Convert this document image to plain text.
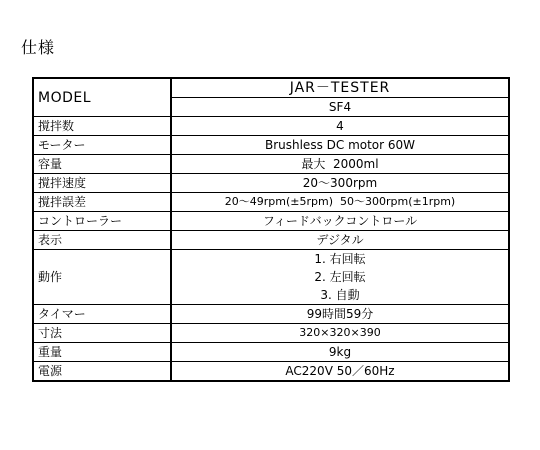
仕様
MODEL	JAR－TESTER
	SF4
撹拌数	4
モーター	Brushless DC motor 60W
容量	最大  2000ml
撹拌速度	20～300rpm
撹拌誤差	20～49rpm(±5rpm)  50～300rpm(±1rpm)
コントローラー	フィードバックコントロール
表示	デジタル
動作	1. 右回転
2. 左回転
3. 自動

タイマー	99時間59分
寸法	320×320×390
重量	9kg
電源	AC220V 50／60Hz
